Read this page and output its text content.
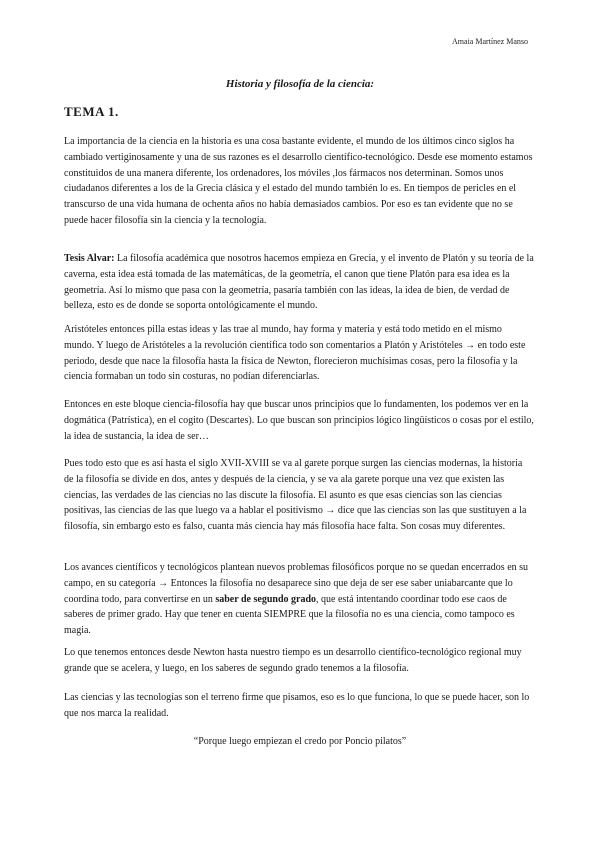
Amaia Martínez Manso
Historia y filosofía de la ciencia:
TEMA 1.

La importancia de la ciencia en la historia es una cosa bastante evidente, el mundo de los últimos cinco siglos ha cambiado vertiginosamente y una de sus razones es el desarrollo científico-tecnológico. Desde ese momento estamos constituidos de una manera diferente, los ordenadores, los móviles ,los fármacos nos determinan. Somos unos ciudadanos diferentes a los de la Grecia clásica y el estado del mundo también lo es. En tiempos de pericles en el transcurso de una vida humana de ochenta años no había demasiados cambios. Por eso es tan evidente que no se puede hacer filosofía sin la ciencia y la tecnología.

Tesis Alvar: La filosofía académica que nosotros hacemos empieza en Grecia, y el invento de Platón y su teoría de la caverna, esta idea está tomada de las matemáticas, de la geometría, el canon que tiene Platón para esa idea es la geometría. Así lo mismo que pasa con la geometría, pasaría también con las ideas, la idea de bien, de verdad de belleza, esto es de donde se soporta ontológicamente el mundo.

Aristóteles entonces pilla estas ideas y las trae al mundo, hay forma y materia y está todo metido en el mismo mundo. Y luego de Aristóteles a la revolución científica todo son comentarios a Platón y Aristóteles → en todo este periodo, desde que nace la filosofía hasta la física de Newton, florecieron muchísimas cosas, pero la filosofía y la ciencia formaban un todo sin costuras, no podían diferenciarlas.

Entonces en este bloque ciencia-filosofía hay que buscar unos principios que lo fundamenten, los podemos ver en la dogmática (Patrística), en el cogito (Descartes). Lo que buscan son principios lógico lingüísticos o cosas por el estilo, la idea de sustancia, la idea de ser…

Pues todo esto que es así hasta el siglo XVII-XVIII se va al garete porque surgen las ciencias modernas, la historia de la filosofía se divide en dos, antes y después de la ciencia, y se va ala garete porque una vez que existen las ciencias, las verdades de las ciencias no las discute la filosofía. El asunto es que esas ciencias son las ciencias positivas, las ciencias de las que luego va a hablar el positivismo → dice que las ciencias son las que sustituyen a la filosofía, sin embargo esto es falso, cuanta más ciencia hay más filosofía hace falta. Son cosas muy diferentes.

Los avances científicos y tecnológicos plantean nuevos problemas filosóficos porque no se quedan encerrados en su campo, en su categoría → Entonces la filosofía no desaparece sino que deja de ser ese saber uniabarcante que lo coordina todo, para convertirse en un saber de segundo grado, que está intentando coordinar todo ese caos de saberes de primer grado. Hay que tener en cuenta SIEMPRE que la filosofía no es una ciencia, como tampoco es magia.

Lo que tenemos entonces desde Newton hasta nuestro tiempo es un desarrollo científico-tecnológico regional muy grande que se acelera, y luego, en los saberes de segundo grado tenemos a la filosofía.

Las ciencias y las tecnologías son el terreno firme que pisamos, eso es lo que funciona, lo que se puede hacer, son lo que nos marca la realidad.

“Porque luego empiezan el credo por Poncio pilatos”
